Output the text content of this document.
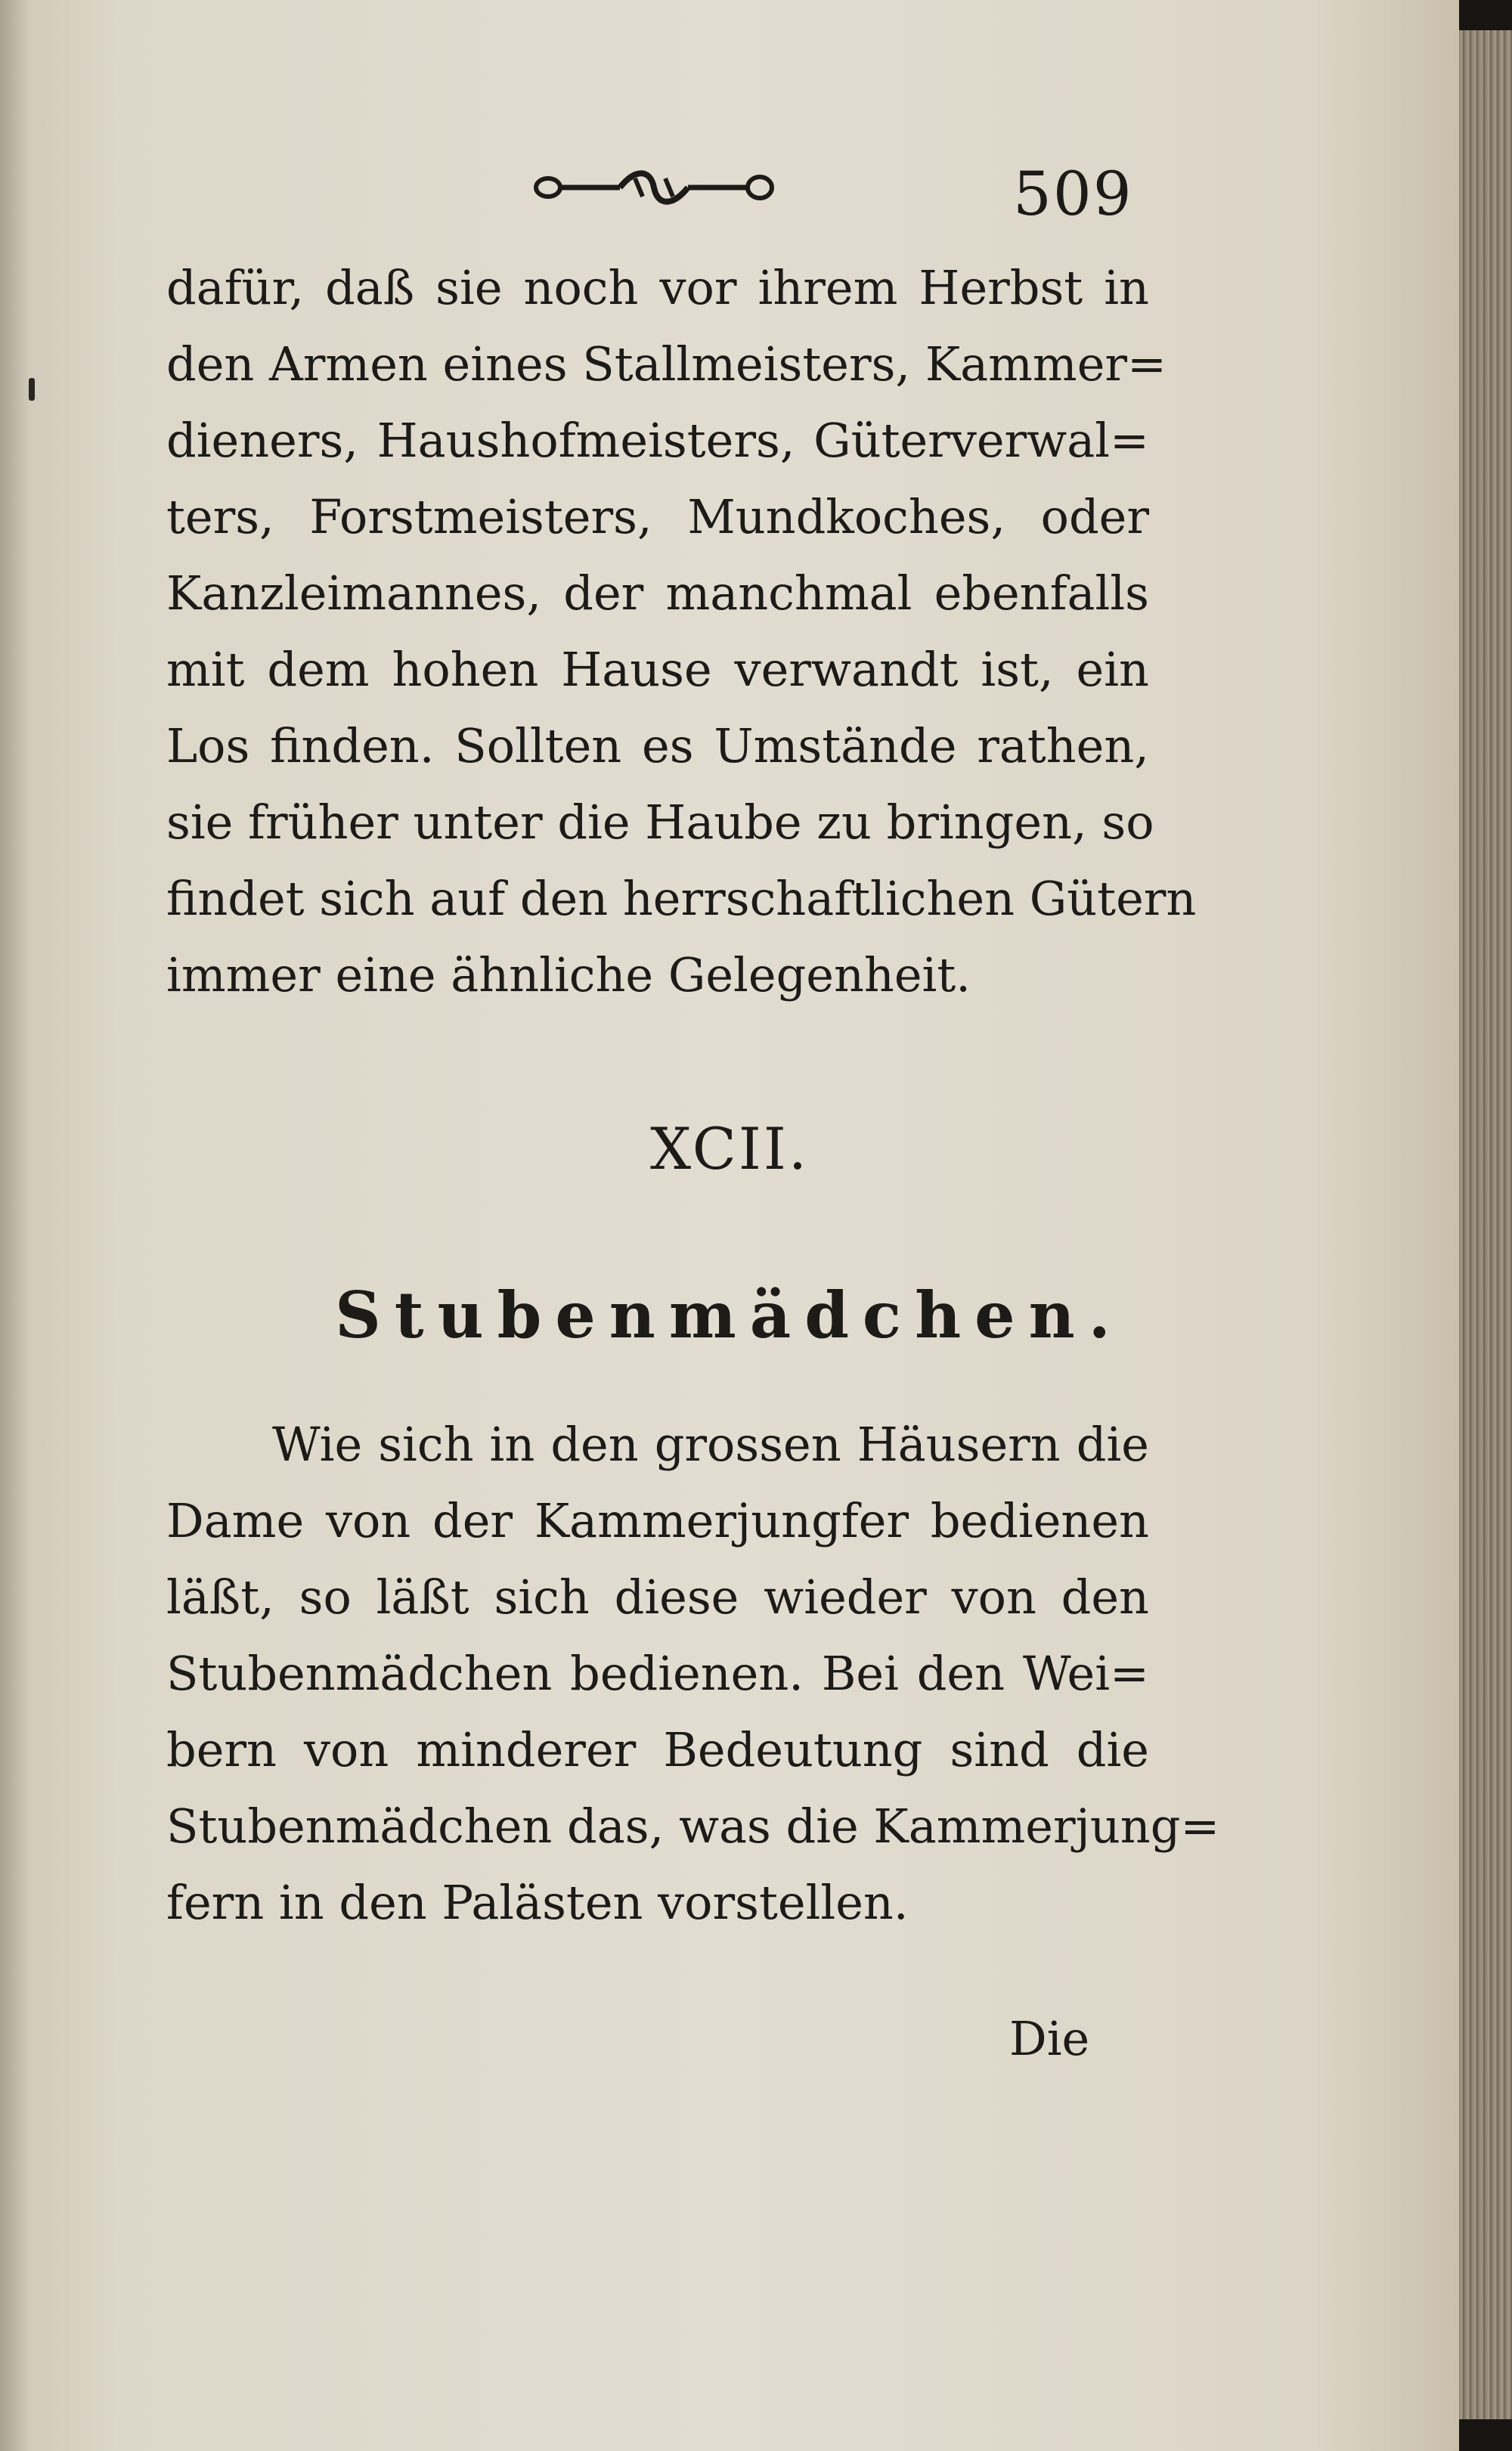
509
dafür, daß sie noch vor ihrem Herbst in
den Armen eines Stallmeisters, Kammer=
dieners, Haushofmeisters, Güterverwal=
ters, Forstmeisters, Mundkoches, oder
Kanzleimannes, der manchmal ebenfalls
mit dem hohen Hause verwandt ist, ein
Los finden. Sollten es Umstände rathen,
sie früher unter die Haube zu bringen, so
findet sich auf den herrschaftlichen Gütern
immer eine ähnliche Gelegenheit.
XCII.
Stubenmädchen.
Wie sich in den grossen Häusern die
Dame von der Kammerjungfer bedienen
läßt, so läßt sich diese wieder von den
Stubenmädchen bedienen. Bei den Wei=
bern von minderer Bedeutung sind die
Stubenmädchen das, was die Kammerjung=
fern in den Palästen vorstellen.
Die
